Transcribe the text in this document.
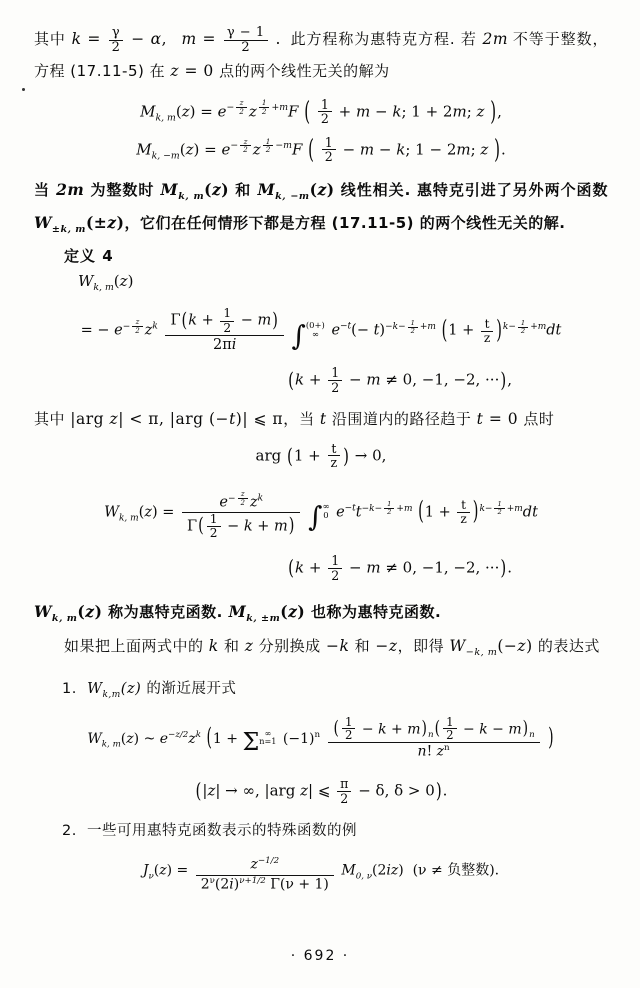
其中 $k = \frac{\gamma}{2} - \alpha$, $m = \frac{\gamma - 1}{2}$ . 此方程称为惠特克方程. 若 2m 不等于整数，方程 (17.11-5) 在 z = 0 点的两个线性无关的解为
$M_{k, m}(z) = e^{- \frac{z}{2}}$ z $^{\frac{1}{2} +m}$F ( $\frac{1}{2} + m - k$; 1 + 2m; z ),
$M_{k, -m}(z) = e^{- \frac{z}{2}}$ z $^{\frac{1}{2} -m}$F ( $\frac{1}{2} - m - k$; 1 − 2m; z ).
当 2m 为整数时 $M_{k, m}(z)$ 和 $M_{k, -m}(z)$ 线性相关. 惠特克引进了另外两个函数 $W_{\pm k, m}(\pm z)$，它们在任何情形下都是方程 (17.11-5) 的两个线性无关的解.
定义 4
$W_{k, m}(z)$
= − $e^{- \frac{z}{2}}$ $z^k \frac{\Gamma(k + \frac{1}{2} - m)}{2\pi i}$ ∫ (0+)
∞ $e^{-t}(- t)^{-k- \frac{1}{2} +m}$ $(1 + \frac{t}{z} )^{k- \frac{1}{2} +m}dt$
($k + \frac{1}{2} - m \ne 0$, −1, −2, ···),
其中 |arg z| < π, |arg (−t)| ⩽ π，当 t 沿围道内的路径趋于 t = 0 点时
arg ($1 + \frac{t}{z}$ ) → 0,
$W_{k, m}(z) = e^{- \frac{z}{2}}$ $z^k$
$\Gamma( \frac{1}{2} - k + m)$ ∫ ∞
0 $e^{-t}t^{-k- \frac{1}{2} +m}$ $(1 + \frac{t}{z} )^{k- \frac{1}{2} +m}dt$
($k + \frac{1}{2} - m \ne 0$, −1, −2, ···).
$W_{k, m}(z)$ 称为惠特克函数. $M_{k, \pm m}(z)$ 也称为惠特克函数.
如果把上面两式中的 k 和 z 分别换成 −k 和 −z，即得 $W_{-k, m}(-z)$ 的表达式
1.  $W_{k,m}(z)$ 的渐近展开式
$W_{k, m}(z)$ ~ $e^{-z/2}z^k$ (1 + Σ ∞
n=1 $(-1)^n \frac{( \frac{1}{2} - k + m)_n( \frac{1}{2} - k - m)_n}{n! z^n}$ )
(|z| → ∞, |arg z| ⩽ $\frac{\pi}{2} - \delta$, δ > 0).
2.  一些可用惠特克函数表示的特殊函数的例
$J_\nu(z) = \frac{z^{-1/2}}{2^\nu(2i)^{\nu+1/2} \Gamma(\nu + 1)} M_{0, \nu}(2iz) (\nu$ ≠ 负整数).
· 692 ·
